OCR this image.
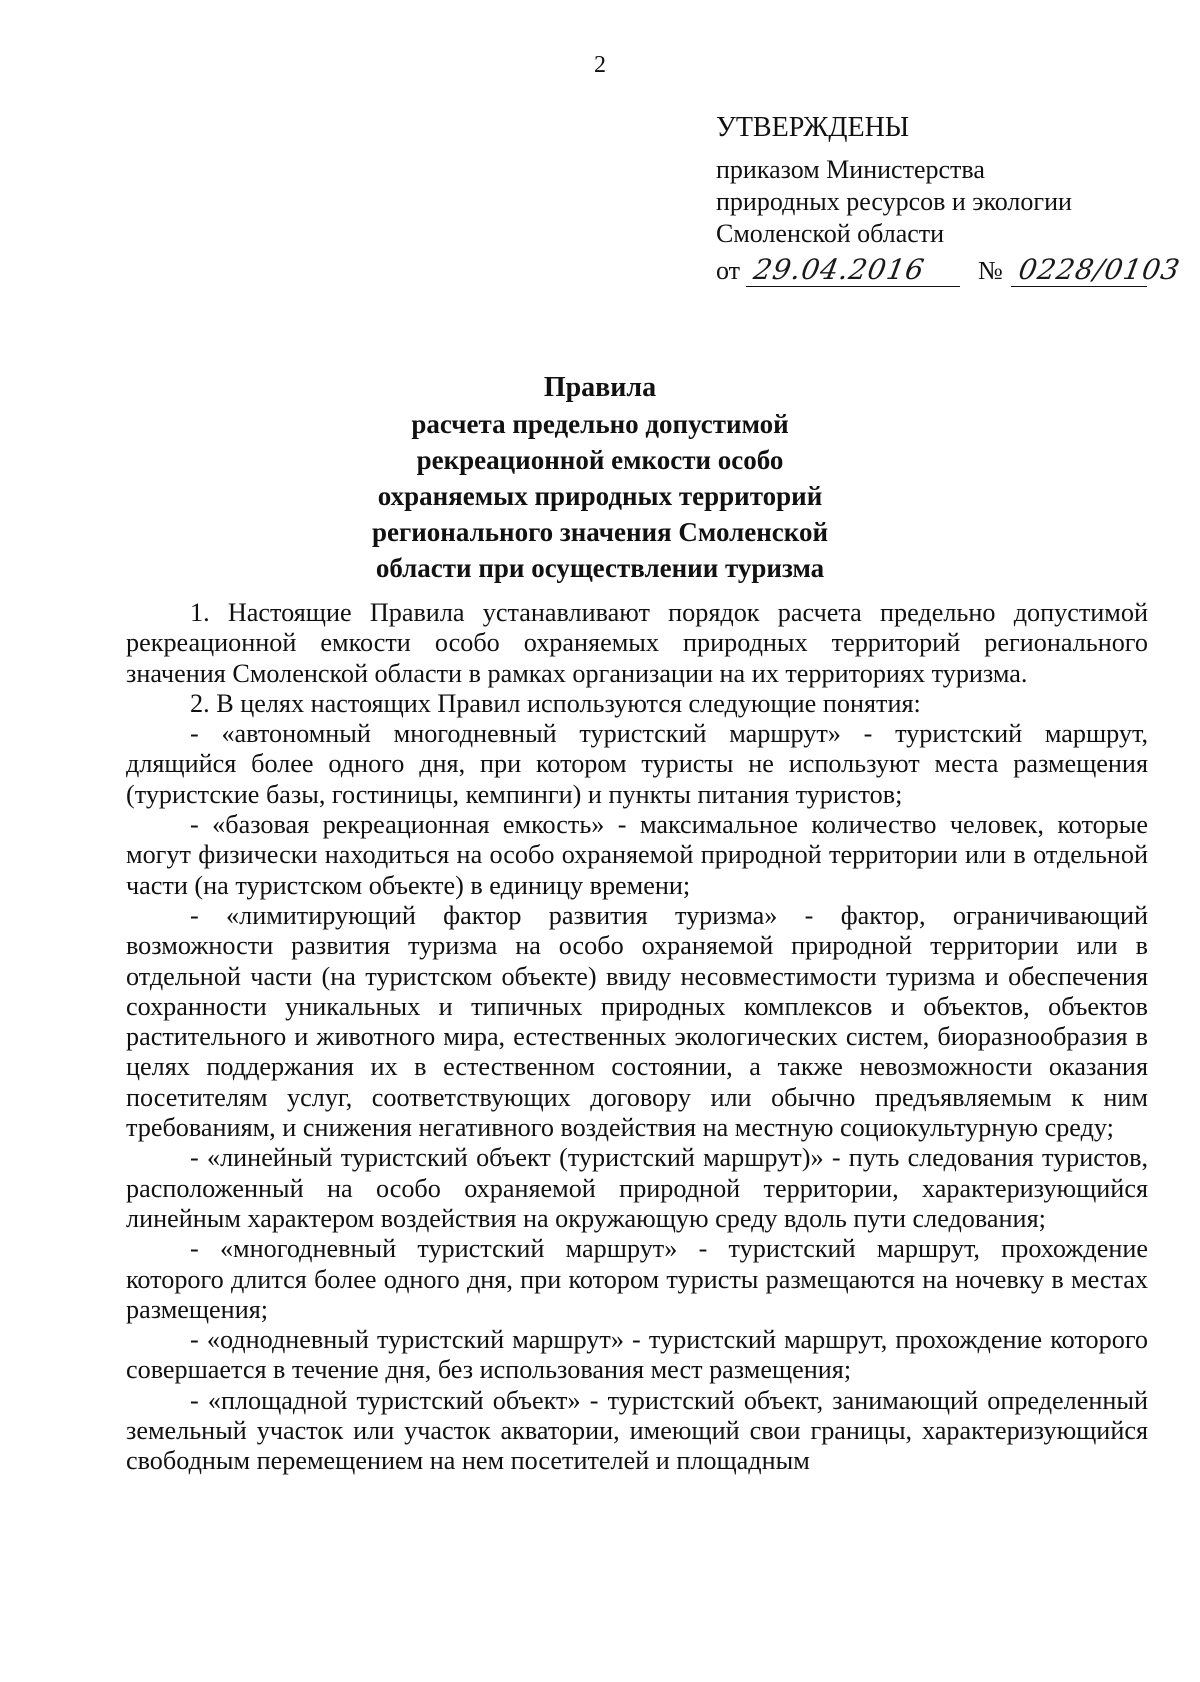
2
УТВЕРЖДЕНЫ
приказом Министерства
природных ресурсов и экологии
Смоленской области
от 29.04.2016 № 0228/0103
Правила
расчета предельно допустимой
рекреационной емкости особо
охраняемых природных территорий
регионального значения Смоленской
области при осуществлении туризма

1. Настоящие Правила устанавливают порядок расчета предельно допустимой рекреационной емкости особо охраняемых природных территорий регионального значения Смоленской области в рамках организации на их территориях туризма.

2. В целях настоящих Правил используются следующие понятия:

- «автономный многодневный туристский маршрут» - туристский маршрут, длящийся более одного дня, при котором туристы не используют места размещения (туристские базы, гостиницы, кемпинги) и пункты питания туристов;

- «базовая рекреационная емкость» - максимальное количество человек, которые могут физически находиться на особо охраняемой природной территории или в отдельной части (на туристском объекте) в единицу времени;

- «лимитирующий фактор развития туризма» - фактор, ограничивающий возможности развития туризма на особо охраняемой природной территории или в отдельной части (на туристском объекте) ввиду несовместимости туризма и обеспечения сохранности уникальных и типичных природных комплексов и объектов, объектов растительного и животного мира, естественных экологических систем, биоразнообразия в целях поддержания их в естественном состоянии, а также невозможности оказания посетителям услуг, соответствующих договору или обычно предъявляемым к ним требованиям, и снижения негативного воздействия на местную социокультурную среду;

- «линейный туристский объект (туристский маршрут)» - путь следования туристов, расположенный на особо охраняемой природной территории, характеризующийся линейным характером воздействия на окружающую среду вдоль пути следования;

- «многодневный туристский маршрут» - туристский маршрут, прохождение которого длится более одного дня, при котором туристы размещаются на ночевку в местах размещения;

- «однодневный туристский маршрут» - туристский маршрут, прохождение которого совершается в течение дня, без использования мест размещения;

- «площадной туристский объект» - туристский объект, занимающий определенный земельный участок или участок акватории, имеющий свои границы, характеризующийся свободным перемещением на нем посетителей и площадным
